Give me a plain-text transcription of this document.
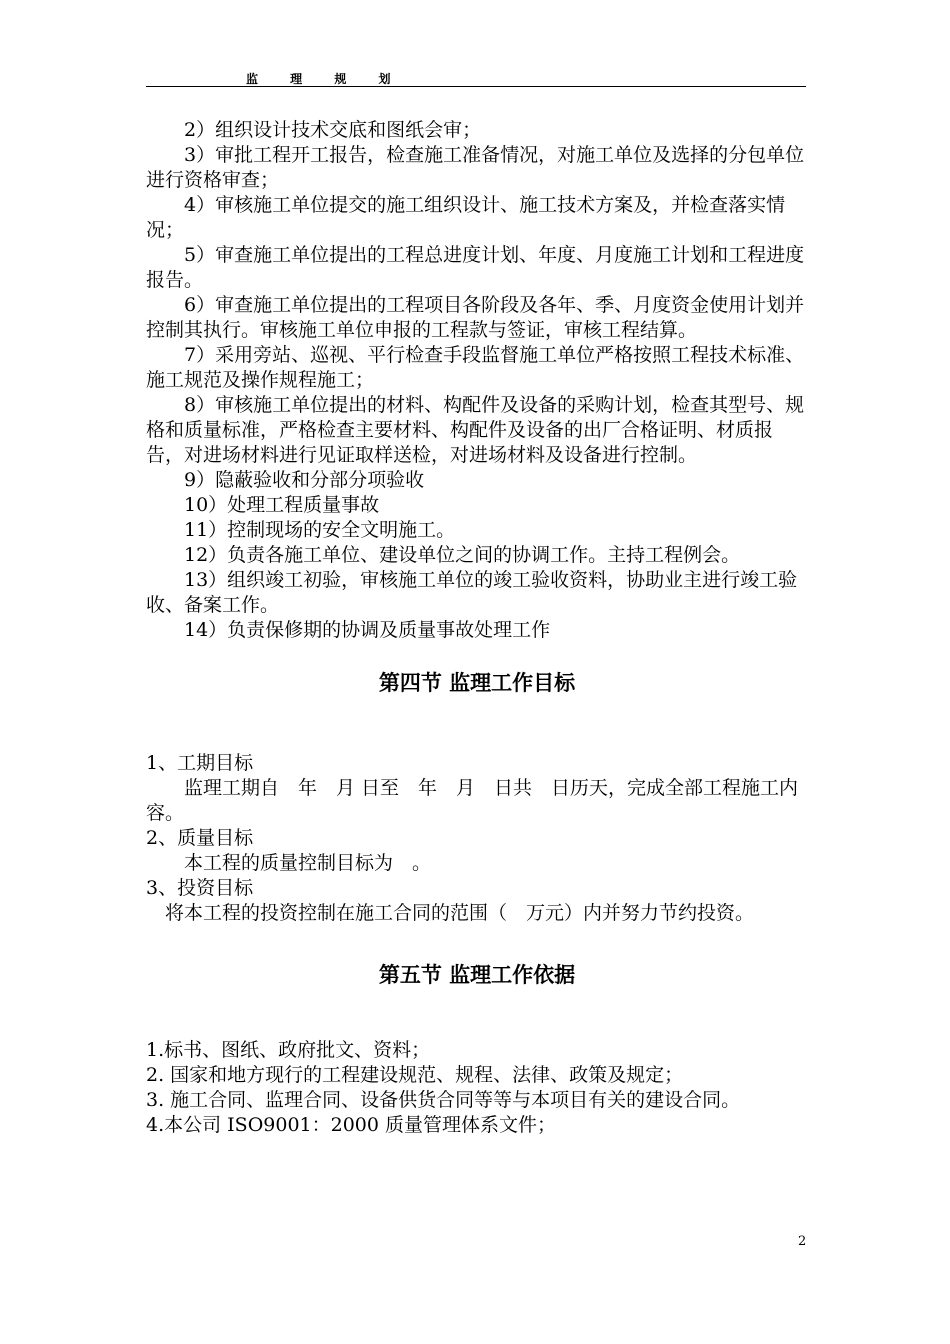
监 理 规 划

2）组织设计技术交底和图纸会审；

3）审批工程开工报告，检查施工准备情况，对施工单位及选择的分包单位进行资格审查；

4）审核施工单位提交的施工组织设计、施工技术方案及，并检查落实情况；

5）审查施工单位提出的工程总进度计划、年度、月度施工计划和工程进度报告。

6）审查施工单位提出的工程项目各阶段及各年、季、月度资金使用计划并控制其执行。审核施工单位申报的工程款与签证，审核工程结算。

7）采用旁站、巡视、平行检查手段监督施工单位严格按照工程技术标准、施工规范及操作规程施工；

8）审核施工单位提出的材料、构配件及设备的采购计划，检查其型号、规格和质量标准，严格检查主要材料、构配件及设备的出厂合格证明、材质报告，对进场材料进行见证取样送检，对进场材料及设备进行控制。

9）隐蔽验收和分部分项验收

10）处理工程质量事故

11）控制现场的安全文明施工。

12）负责各施工单位、建设单位之间的协调工作。主持工程例会。

13）组织竣工初验，审核施工单位的竣工验收资料，协助业主进行竣工验收、备案工作。

14）负责保修期的协调及质量事故处理工作

第四节 监理工作目标

1、工期目标

监理工期自　年　月 日至　年　月　日共　日历天，完成全部工程施工内容。

2、质量目标

本工程的质量控制目标为　。

3、投资目标

将本工程的投资控制在施工合同的范围（　万元）内并努力节约投资。

第五节 监理工作依据

1.标书、图纸、政府批文、资料；

2. 国家和地方现行的工程建设规范、规程、法律、政策及规定；

3. 施工合同、监理合同、设备供货合同等等与本项目有关的建设合同。

4.本公司 ISO9001：2000 质量管理体系文件；

2
